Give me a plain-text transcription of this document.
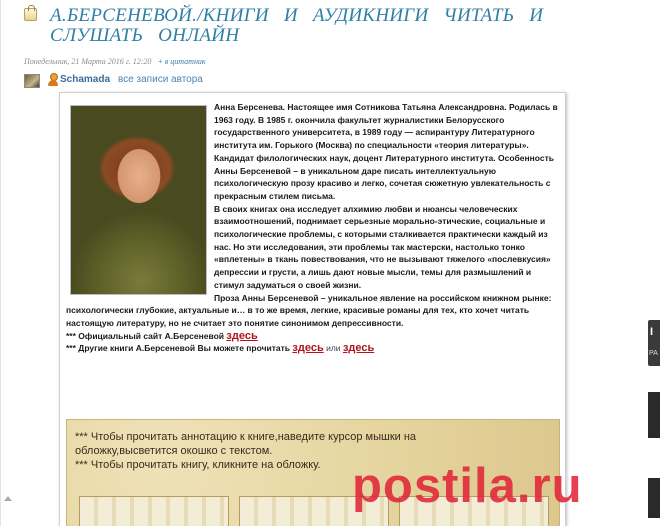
А.БЕРСЕНЕВОЙ./КНИГИ И АУДИКНИГИ ЧИТАТЬ И СЛУШАТЬ ОНЛАЙН
Понедельник, 21 Марта 2016 г. 12:20 + в цитатник
Schamada все записи автора

Анна Берсенева. Настоящее имя Сотникова Татьяна Александровна. Родилась в 1963 году. В 1985 г. окончила факультет журналистики Белорусского государственного университета, в 1989 году — аспирантуру Литературного института им. Горького (Москва) по специальности «теория литературы». Кандидат филологических наук, доцент Литературного института. Особенность Анны Берсеневой – в уникальном даре писать интеллектуальную психологическую прозу красиво и легко, сочетая сюжетную увлекательность с прекрасным стилем письма.

В своих книгах она исследует алхимию любви и нюансы человеческих взаимоотношений, поднимает серьезные морально-этические, социальные и психологические проблемы, с которыми сталкивается практически каждый из нас. Но эти исследования, эти проблемы так мастерски, настолько тонко «вплетены» в ткань повествования, что не вызывают тяжелого «послевкусия» депрессии и грусти, а лишь дают новые мысли, темы для размышлений и стимул задуматься о своей жизни.

Проза Анны Берсеневой – уникальное явление на российском книжном рынке:

психологически глубокие, актуальные и… в то же время, легкие, красивые романы для тех, кто хочет читать настоящую литературу, но не считает это понятие синонимом депрессивности.

*** Официальный сайт А.Берсеневой здесь

*** Другие книги А.Берсеневой Вы можете прочитать здесь или здесь

*** Чтобы прочитать аннотацию к книге,наведите курсор мышки на обложку,высветится окошко с текстом.

*** Чтобы прочитать книгу, кликните на обложку. postila.ru
I
PA
